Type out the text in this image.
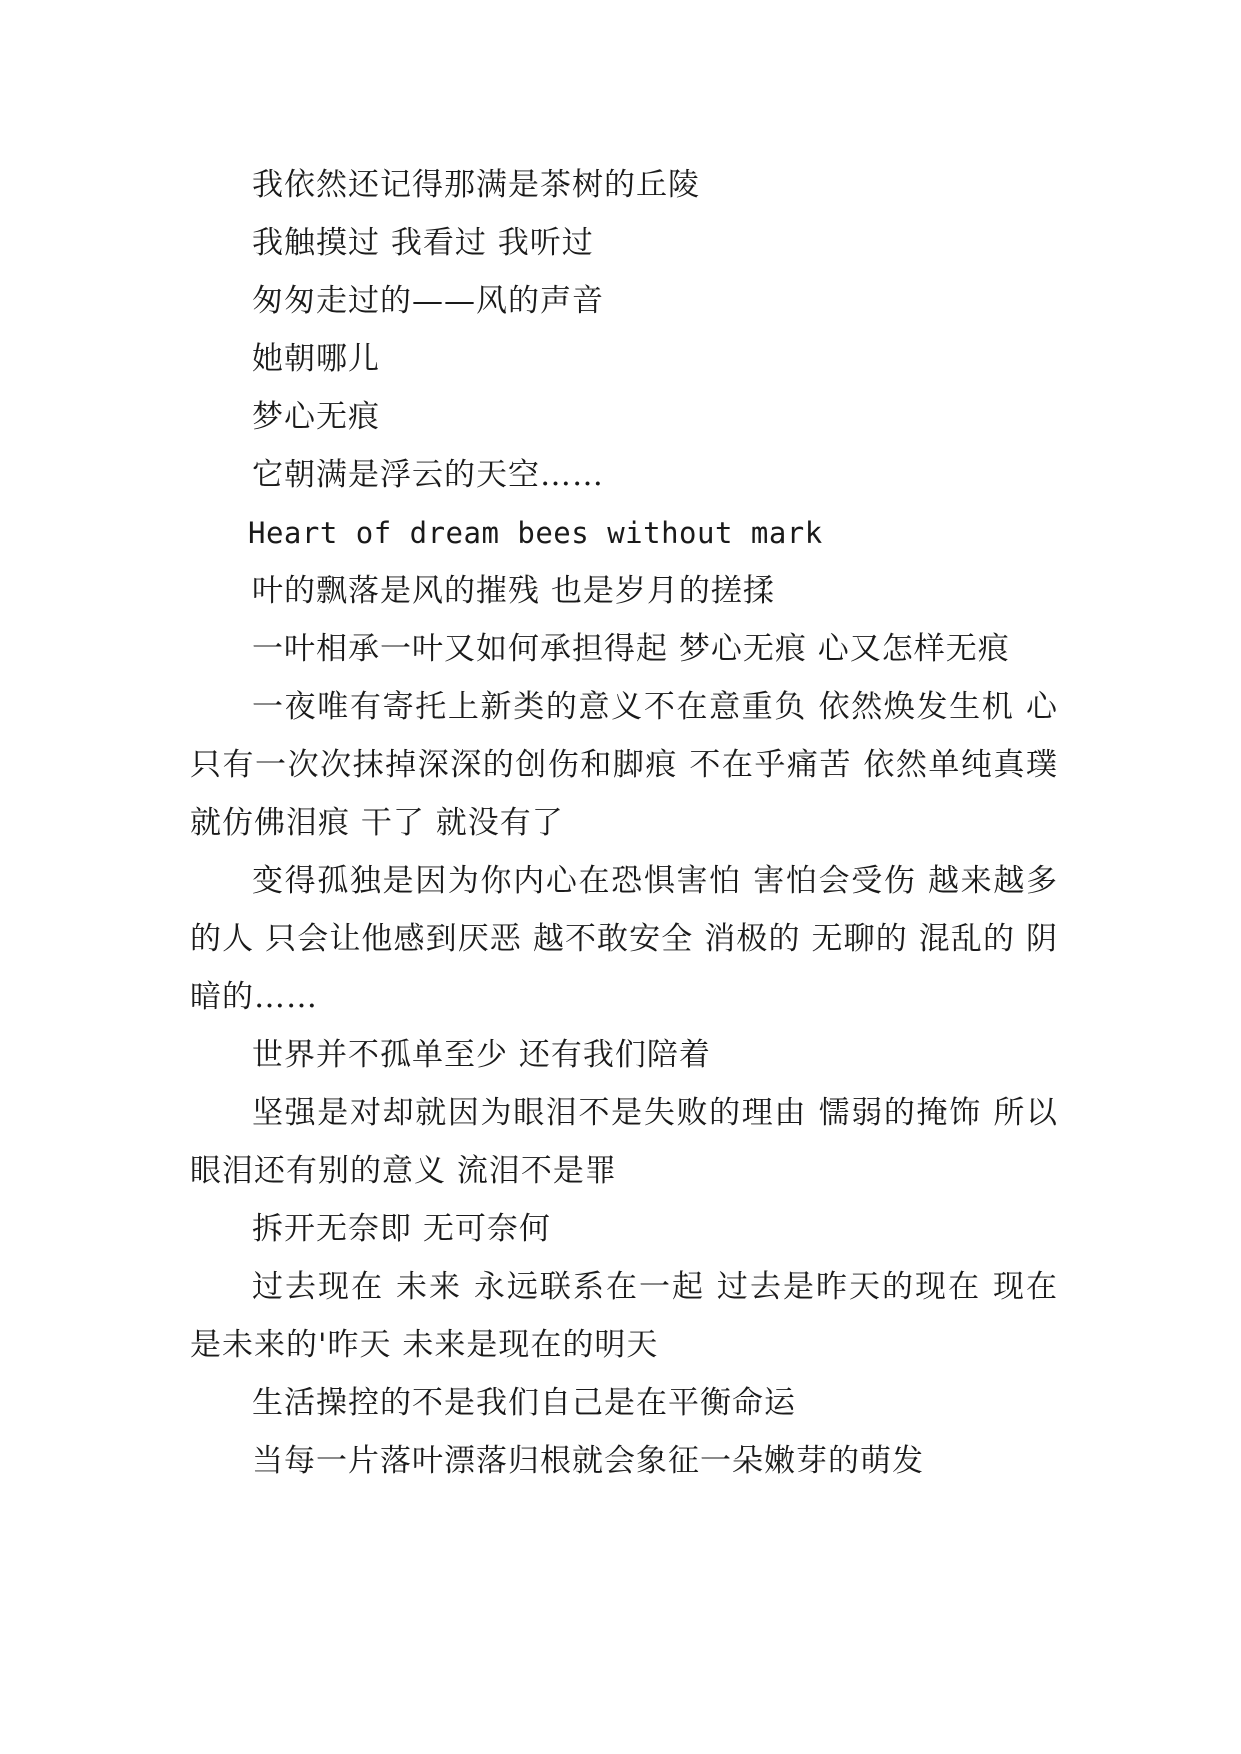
我依然还记得那满是茶树的丘陵

我触摸过 我看过 我听过

匆匆走过的——风的声音

她朝哪儿

梦心无痕

它朝满是浮云的天空……

Heart of dream bees without mark

叶的飘落是风的摧残 也是岁月的搓揉

一叶相承一叶又如何承担得起 梦心无痕 心又怎样无痕

一夜唯有寄托上新类的意义不在意重负 依然焕发生机 心只有一次次抹掉深深的创伤和脚痕 不在乎痛苦 依然单纯真璞 就仿佛泪痕 干了 就没有了

变得孤独是因为你内心在恐惧害怕 害怕会受伤 越来越多的人 只会让他感到厌恶 越不敢安全 消极的 无聊的 混乱的 阴暗的……

世界并不孤单至少 还有我们陪着

坚强是对却就因为眼泪不是失败的理由 懦弱的掩饰 所以眼泪还有别的意义 流泪不是罪

拆开无奈即 无可奈何

过去现在 未来 永远联系在一起 过去是昨天的现在 现在是未来的'昨天 未来是现在的明天

生活操控的不是我们自己是在平衡命运

当每一片落叶漂落归根就会象征一朵嫩芽的萌发
